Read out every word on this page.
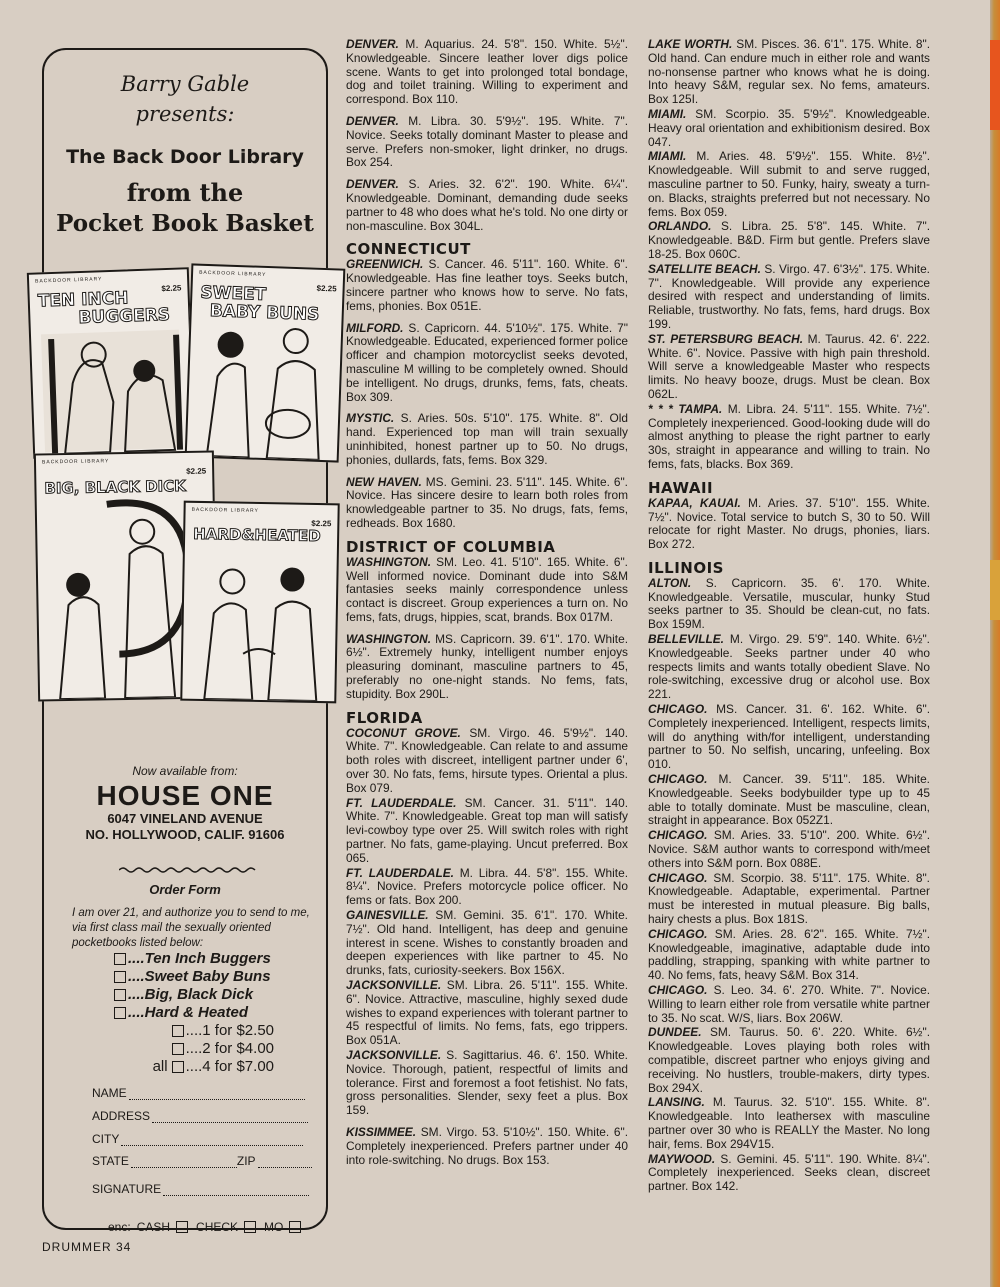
Barry Gable
presents:
The Back Door Library
from the
Pocket Book Basket
BACKDOOR LIBRARY
$2.25
TEN INCH
BUGGERS
BACKDOOR LIBRARY
$2.25
SWEET
BABY BUNS
BACKDOOR LIBRARY
$2.25
BIG, BLACK DICK
BACKDOOR LIBRARY
$2.25
HARD&HEATED
Now available from:
HOUSE ONE
6047 VINELAND AVENUE
NO. HOLLYWOOD, CALIF. 91606
Order Form
I am over 21, and authorize you to send to me, via first class mail the sexually oriented pocketbooks listed below:
....Ten Inch Buggers
....Sweet Baby Buns
....Big, Black Dick
....Hard & Heated
....1 for $2.50
....2 for $4.00
all ....4 for $7.00
NAME
ADDRESS
CITY
STATE	ZIP
SIGNATURE
enc: CASH CHECK MO
DRUMMER 34
DENVER. M. Aquarius. 24. 5'8". 150. White. 5½". Knowledgeable. Sincere leather lover digs police scene. Wants to get into prolonged total bondage, dog and toilet training. Willing to experiment and correspond. Box 110.
DENVER. M. Libra. 30. 5'9½". 195. White. 7". Novice. Seeks totally dominant Master to please and serve. Prefers non-smoker, light drinker, no drugs. Box 254.
DENVER. S. Aries. 32. 6'2". 190. White. 6¼". Knowledgeable. Dominant, demanding dude seeks partner to 48 who does what he's told. No one dirty or non-masculine. Box 304L.
CONNECTICUT
GREENWICH. S. Cancer. 46. 5'11". 160. White. 6". Knowledgeable. Has fine leather toys. Seeks butch, sincere partner who knows how to serve. No fats, fems, phonies. Box 051E.
MILFORD. S. Capricorn. 44. 5'10½". 175. White. 7" Knowledgeable. Educated, experienced former police officer and champion motorcyclist seeks devoted, masculine M willing to be completely owned. Should be intelligent. No drugs, drunks, fems, fats, cheats. Box 309.
MYSTIC. S. Aries. 50s. 5'10". 175. White. 8". Old hand. Experienced top man will train sexually uninhibited, honest partner up to 50. No drugs, phonies, dullards, fats, fems. Box 329.
NEW HAVEN. MS. Gemini. 23. 5'11". 145. White. 6". Novice. Has sincere desire to learn both roles from knowledgeable partner to 35. No drugs, fats, fems, redheads. Box 1680.
DISTRICT OF COLUMBIA
WASHINGTON. SM. Leo. 41. 5'10". 165. White. 6". Well informed novice. Dominant dude into S&M fantasies seeks mainly correspondence unless contact is discreet. Group experiences a turn on. No fems, fats, drugs, hippies, scat, brands. Box 017M.
WASHINGTON. MS. Capricorn. 39. 6'1". 170. White. 6½". Extremely hunky, intelligent number enjoys pleasuring dominant, masculine partners to 45, preferably no one-night stands. No fems, fats, stupidity. Box 290L.
FLORIDA
COCONUT GROVE. SM. Virgo. 46. 5'9½". 140. White. 7". Knowledgeable. Can relate to and assume both roles with discreet, intelligent partner under 6', over 30. No fats, fems, hirsute types. Oriental a plus. Box 079.
FT. LAUDERDALE. SM. Cancer. 31. 5'11". 140. White. 7". Knowledgeable. Great top man will satisfy levi-cowboy type over 25. Will switch roles with right partner. No fats, game-playing. Uncut preferred. Box 065.
FT. LAUDERDALE. M. Libra. 44. 5'8". 155. White. 8¼". Novice. Prefers motorcycle police officer. No fems or fats. Box 200.
GAINESVILLE. SM. Gemini. 35. 6'1". 170. White. 7½". Old hand. Intelligent, has deep and genuine interest in scene. Wishes to constantly broaden and deepen experiences with like partner to 45. No drunks, fats, curiosity-seekers. Box 156X.
JACKSONVILLE. SM. Libra. 26. 5'11". 155. White. 6". Novice. Attractive, masculine, highly sexed dude wishes to expand experiences with tolerant partner to 45 respectful of limits. No fems, fats, ego trippers. Box 051A.
JACKSONVILLE. S. Sagittarius. 46. 6'. 150. White. Novice. Thorough, patient, respectful of limits and tolerance. First and foremost a foot fetishist. No fats, gross personalities. Slender, sexy feet a plus. Box 159.
KISSIMMEE. SM. Virgo. 53. 5'10½". 150. White. 6". Completely inexperienced. Prefers partner under 40 into role-switching. No drugs. Box 153.
LAKE WORTH. SM. Pisces. 36. 6'1". 175. White. 8". Old hand. Can endure much in either role and wants no-nonsense partner who knows what he is doing. Into heavy S&M, regular sex. No fems, amateurs. Box 125I.
MIAMI. SM. Scorpio. 35. 5'9½". Knowledgeable. Heavy oral orientation and exhibitionism desired. Box 047.
MIAMI. M. Aries. 48. 5'9½". 155. White. 8½". Knowledgeable. Will submit to and serve rugged, masculine partner to 50. Funky, hairy, sweaty a turn-on. Blacks, straights preferred but not necessary. No fems. Box 059.
ORLANDO. S. Libra. 25. 5'8". 145. White. 7". Knowledgeable. B&D. Firm but gentle. Prefers slave 18-25. Box 060C.
SATELLITE BEACH. S. Virgo. 47. 6'3½". 175. White. 7". Knowledgeable. Will provide any experience desired with respect and understanding of limits. Reliable, trustworthy. No fats, fems, hard drugs. Box 199.
ST. PETERSBURG BEACH. M. Taurus. 42. 6'. 222. White. 6". Novice. Passive with high pain threshold. Will serve a knowledgeable Master who respects limits. No heavy booze, drugs. Must be clean. Box 062L.
* * * TAMPA. M. Libra. 24. 5'11". 155. White. 7½". Completely inexperienced. Good-looking dude will do almost anything to please the right partner to early 30s, straight in appearance and willing to train. No fems, fats, blacks. Box 369.
HAWAII
KAPAA, KAUAI. M. Aries. 37. 5'10". 155. White. 7½". Novice. Total service to butch S, 30 to 50. Will relocate for right Master. No drugs, phonies, liars. Box 272.
ILLINOIS
ALTON. S. Capricorn. 35. 6'. 170. White. Knowledgeable. Versatile, muscular, hunky Stud seeks partner to 35. Should be clean-cut, no fats. Box 159M.
BELLEVILLE. M. Virgo. 29. 5'9". 140. White. 6½". Knowledgeable. Seeks partner under 40 who respects limits and wants totally obedient Slave. No role-switching, excessive drug or alcohol use. Box 221.
CHICAGO. MS. Cancer. 31. 6'. 162. White. 6". Completely inexperienced. Intelligent, respects limits, will do anything with/for intelligent, understanding partner to 50. No selfish, uncaring, unfeeling. Box 010.
CHICAGO. M. Cancer. 39. 5'11". 185. White. Knowledgeable. Seeks bodybuilder type up to 45 able to totally dominate. Must be masculine, clean, straight in appearance. Box 052Z1.
CHICAGO. SM. Aries. 33. 5'10". 200. White. 6½". Novice. S&M author wants to correspond with/meet others into S&M porn. Box 088E.
CHICAGO. SM. Scorpio. 38. 5'11". 175. White. 8". Knowledgeable. Adaptable, experimental. Partner must be interested in mutual pleasure. Big balls, hairy chests a plus. Box 181S.
CHICAGO. SM. Aries. 28. 6'2". 165. White. 7½". Knowledgeable, imaginative, adaptable dude into paddling, strapping, spanking with white partner to 40. No fems, fats, heavy S&M. Box 314.
CHICAGO. S. Leo. 34. 6'. 270. White. 7". Novice. Willing to learn either role from versatile white partner to 35. No scat. W/S, liars. Box 206W.
DUNDEE. SM. Taurus. 50. 6'. 220. White. 6½". Knowledgeable. Loves playing both roles with compatible, discreet partner who enjoys giving and receiving. No hustlers, trouble-makers, dirty types. Box 294X.
LANSING. M. Taurus. 32. 5'10". 155. White. 8". Knowledgeable. Into leathersex with masculine partner over 30 who is REALLY the Master. No long hair, fems. Box 294V15.
MAYWOOD. S. Gemini. 45. 5'11". 190. White. 8¼". Completely inexperienced. Seeks clean, discreet partner. Box 142.
